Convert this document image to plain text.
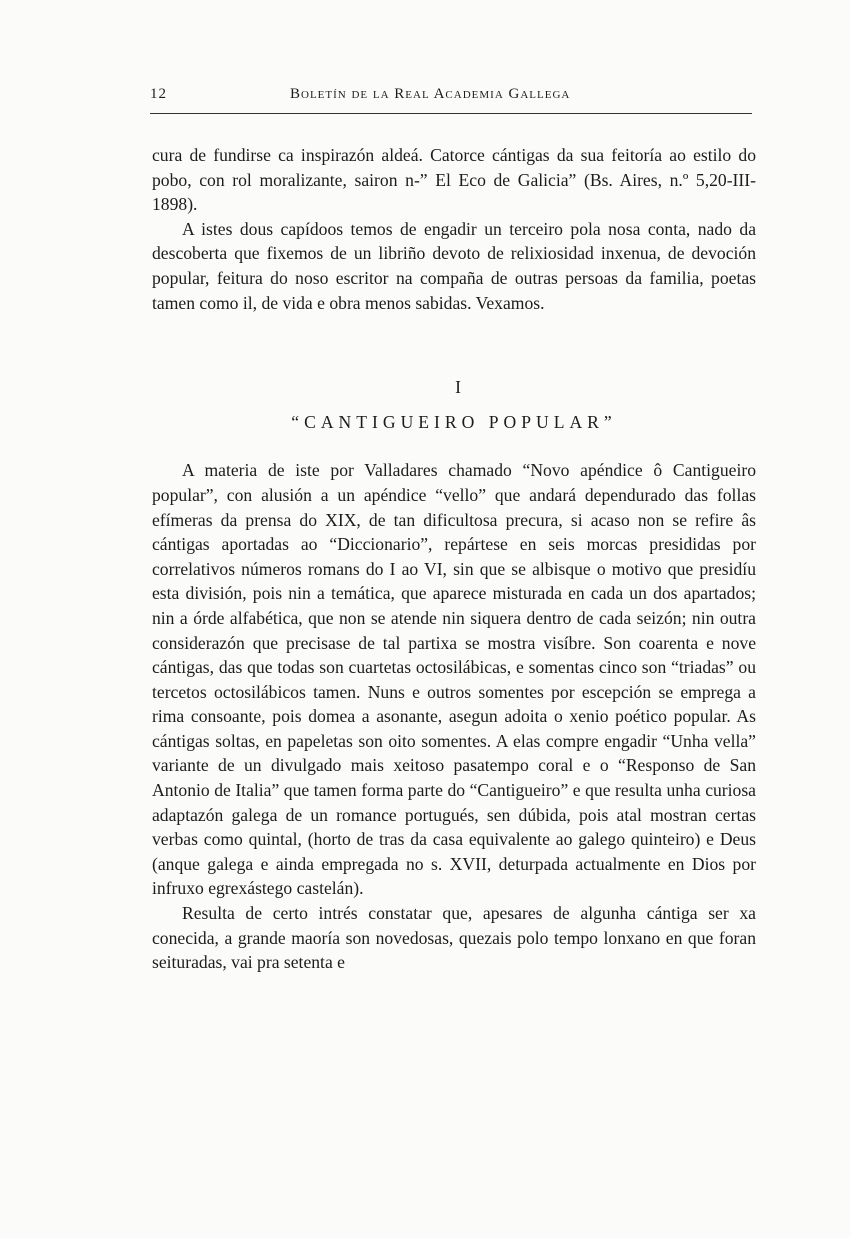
12	Boletín de la Real Academia Gallega

cura de fundirse ca inspirazón aldeá. Catorce cántigas da sua feitoría ao estilo do pobo, con rol moralizante, sairon n-” El Eco de Galicia” (Bs. Aires, n.º 5,20-III-1898).

A istes dous capídoos temos de engadir un terceiro pola nosa conta, nado da descoberta que fixemos de un libriño devoto de relixiosidad inxenua, de devoción popular, feitura do noso escritor na compaña de outras persoas da familia, poetas tamen como il, de vida e obra menos sabidas. Vexamos.

I
“CANTIGUEIRO POPULAR”

A materia de iste por Valladares chamado “Novo apéndice ô Cantigueiro popular”, con alusión a un apéndice “vello” que andará dependurado das follas efímeras da prensa do XIX, de tan dificultosa precura, si acaso non se refire âs cántigas aportadas ao “Diccionario”, repártese en seis morcas presididas por correlativos números romans do I ao VI, sin que se albisque o motivo que presidíu esta división, pois nin a temática, que aparece misturada en cada un dos apartados; nin a órde alfabética, que non se atende nin siquera dentro de cada seizón; nin outra considerazón que precisase de tal partixa se mostra visíbre. Son coarenta e nove cántigas, das que todas son cuartetas octosilábicas, e somentas cinco son “triadas” ou tercetos octosilábicos tamen. Nuns e outros somentes por escepción se emprega a rima consoante, pois domea a asonante, asegun adoita o xenio poético popular. As cántigas soltas, en papeletas son oito somentes. A elas compre engadir “Unha vella” variante de un divulgado mais xeitoso pasatempo coral e o “Responso de San Antonio de Italia” que tamen forma parte do “Cantigueiro” e que resulta unha curiosa adaptazón galega de un romance portugués, sen dúbida, pois atal mostran certas verbas como quintal, (horto de tras da casa equivalente ao galego quinteiro) e Deus (anque galega e ainda empregada no s. XVII, deturpada actualmente en Dios por infruxo egrexástego castelán).

Resulta de certo intrés constatar que, apesares de algunha cántiga ser xa conecida, a grande maoría son novedosas, quezais polo tempo lonxano en que foran seituradas, vai pra setenta e
